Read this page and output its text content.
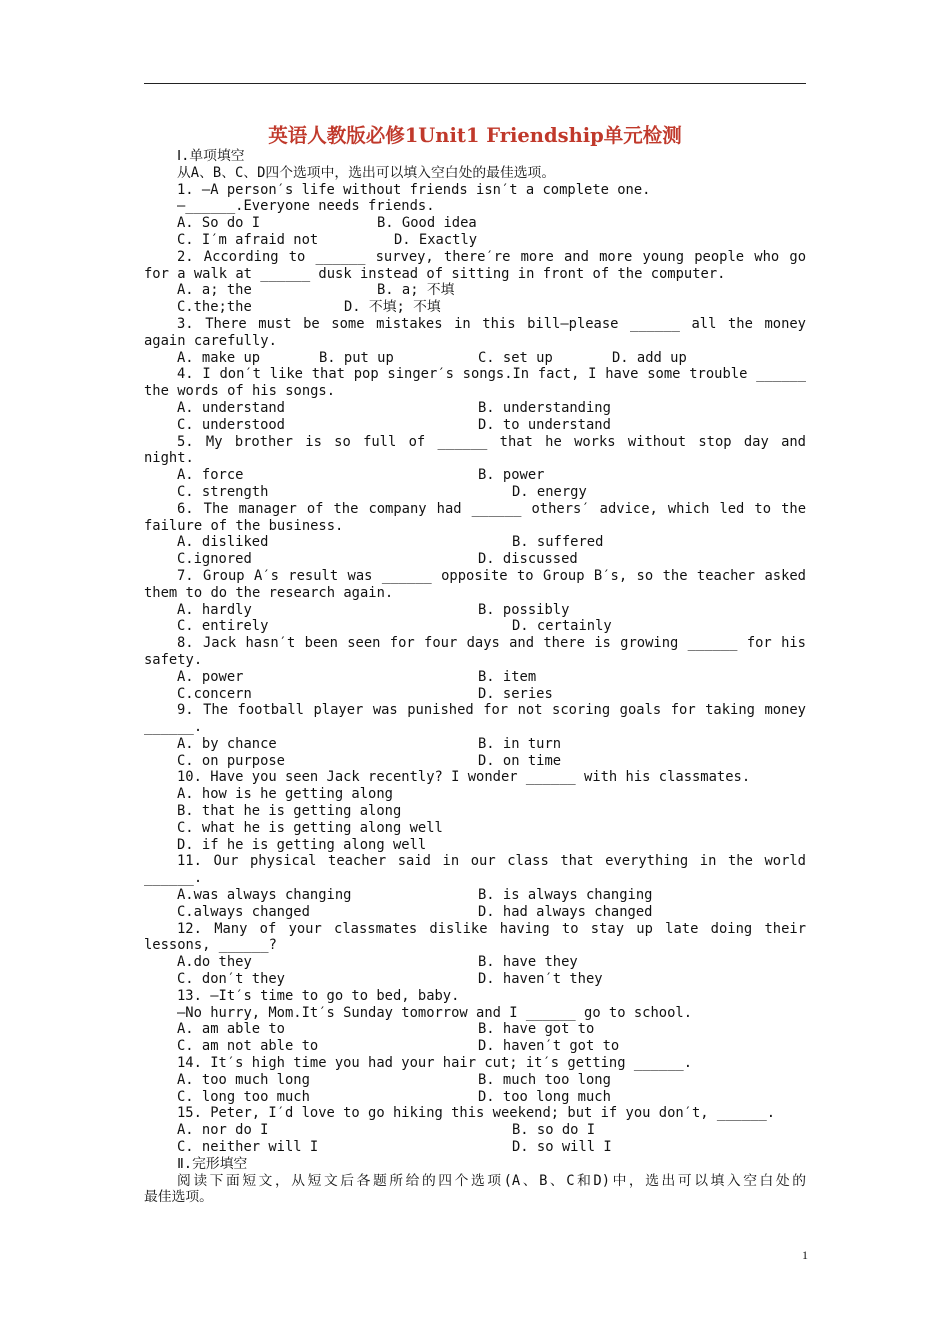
英语人教版必修1Unit1 Friendship单元检测
Ⅰ.单项填空
从A、B、C、D四个选项中，选出可以填入空白处的最佳选项。
1. —A person′s life without friends isn′t a complete one.
—______.Everyone needs friends.
A. So do I	B. Good idea
C. I′m afraid not	D. Exactly
2. According to ______ survey, there′re more and more young people who go
for a walk at ______ dusk instead of sitting in front of the computer.
A. a; the	B. a; 不填
C.the;the	D. 不填; 不填
3. There must be some mistakes in this bill—please ______ all the money
again carefully.
A. make up	B. put up	C. set up	D. add up
4. I don′t like that pop singer′s songs.In fact, I have some trouble ______
the words of his songs.
A. understand	B. understanding
C. understood	D. to understand
5. My brother is so full of ______ that he works without stop day and
night.
A. force	B. power
C. strength	D. energy
6. The manager of the company had ______ others′ advice, which led to the
failure of the business.
A. disliked	B. suffered
C.ignored	D. discussed
7. Group A′s result was ______ opposite to Group B′s, so the teacher asked
them to do the research again.
A. hardly	B. possibly
C. entirely	D. certainly
8. Jack hasn′t been seen for four days and there is growing ______ for his
safety.
A. power	B. item
C.concern	D. series
9. The football player was punished for not scoring goals for taking money
______.
A. by chance	B. in turn
C. on purpose	D. on time
10. Have you seen Jack recently? I wonder ______ with his classmates.
A. how is he getting along
B. that he is getting along
C. what he is getting along well
D. if he is getting along well
11. Our physical teacher said in our class that everything in the world
______.
A.was always changing	B. is always changing
C.always changed	D. had always changed
12. Many of your classmates dislike having to stay up late doing their
lessons, ______?
A.do they	B. have they
C. don′t they	D. haven′t they
13. —It′s time to go to bed, baby.
—No hurry, Mom.It′s Sunday tomorrow and I ______ go to school.
A. am able to	B. have got to
C. am not able to	D. haven′t got to
14. It′s high time you had your hair cut; it′s getting ______.
A. too much long	B. much too long
C. long too much	D. too long much
15. Peter, I′d love to go hiking this weekend; but if you don′t, ______.
A. nor do I	B. so do I
C. neither will I	D. so will I
Ⅱ.完形填空
阅读下面短文，从短文后各题所给的四个选项(A、B、C和D)中，选出可以填入空白处的
最佳选项。
1
